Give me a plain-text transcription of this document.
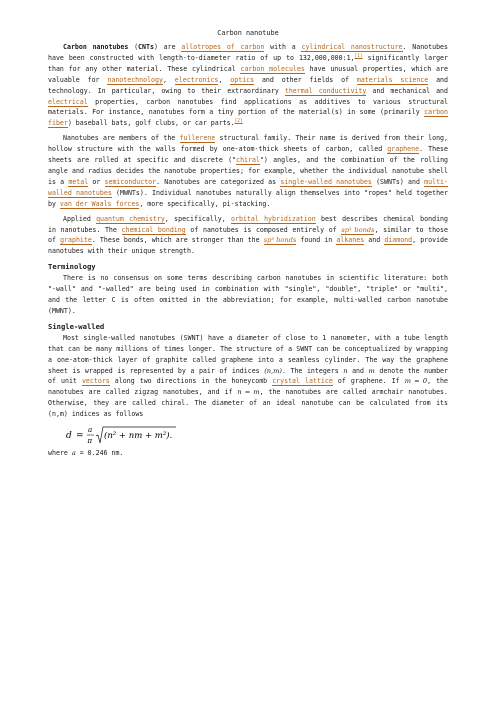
Carbon nanotube

Carbon nanotubes (CNTs) are allotropes of carbon with a cylindrical nanostructure. Nanotubes have been constructed with length-to-diameter ratio of up to 132,000,000:1,[1] significantly larger than for any other material. These cylindrical carbon molecules have unusual properties, which are valuable for nanotechnology, electronics, optics and other fields of materials science and technology. In particular, owing to their extraordinary thermal conductivity and mechanical and electrical properties, carbon nanotubes find applications as additives to various structural materials. For instance, nanotubes form a tiny portion of the material(s) in some (primarily carbon fiber) baseball bats, golf clubs, or car parts.[2]

Nanotubes are members of the fullerene structural family. Their name is derived from their long, hollow structure with the walls formed by one-atom-thick sheets of carbon, called graphene. These sheets are rolled at specific and discrete ("chiral") angles, and the combination of the rolling angle and radius decides the nanotube properties; for example, whether the individual nanotube shell is a metal or semiconductor. Nanotubes are categorized as single-walled nanotubes (SWNTs) and multi-walled nanotubes (MWNTs). Individual nanotubes naturally align themselves into "ropes" held together by van der Waals forces, more specifically, pi-stacking.

Applied quantum chemistry, specifically, orbital hybridization best describes chemical bonding in nanotubes. The chemical bonding of nanotubes is composed entirely of sp² bonds, similar to those of graphite. These bonds, which are stronger than the sp³ bonds found in alkanes and diamond, provide nanotubes with their unique strength.

Terminology

There is no consensus on some terms describing carbon nanotubes in scientific literature: both "-wall" and "-walled" are being used in combination with "single", "double", "triple" or "multi", and the letter C is often omitted in the abbreviation; for example, multi-walled carbon nanotube (MWNT).

Single-walled

Most single-walled nanotubes (SWNT) have a diameter of close to 1 nanometer, with a tube length that can be many millions of times longer. The structure of a SWNT can be conceptualized by wrapping a one-atom-thick layer of graphite called graphene into a seamless cylinder. The way the graphene sheet is wrapped is represented by a pair of indices (n,m). The integers n and m denote the number of unit vectors along two directions in the honeycomb crystal lattice of graphene. If m = 0, the nanotubes are called zigzag nanotubes, and if n = m, the nanotubes are called armchair nanotubes. Otherwise, they are called chiral. The diameter of an ideal nanotube can be calculated from its (n,m) indices as follows

d =
a
π (n² + nm + m²).

where a = 0.246 nm.
